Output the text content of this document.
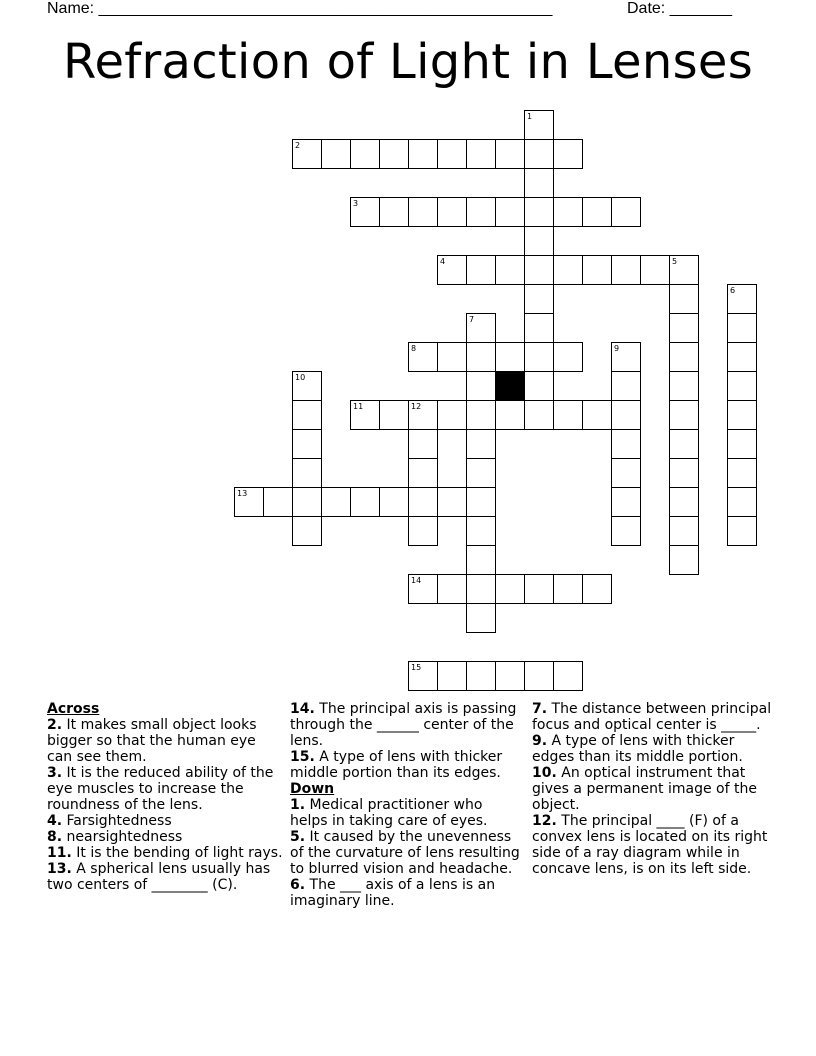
Name: ___________________________________________________	Date: _______
Refraction of Light in Lenses
1
2
3
4	5
6
7
8	9
10
11	12
13
14
15
Across
2. It makes small object looks bigger so that the human eye can see them.
3. It is the reduced ability of the eye muscles to increase the roundness of the lens.
4. Farsightedness
8. nearsightedness
11. It is the bending of light rays.
13. A spherical lens usually has two centers of ________ (C).
14. The principal axis is passing through the ______ center of the lens.
15. A type of lens with thicker middle portion than its edges.
Down
1. Medical practitioner who helps in taking care of eyes.
5. It caused by the unevenness of the curvature of lens resulting to blurred vision and headache.
6. The ___ axis of a lens is an imaginary line.
7. The distance between principal focus and optical center is _____.
9. A type of lens with thicker edges than its middle portion.
10. An optical instrument that gives a permanent image of the object.
12. The principal ____ (F) of a convex lens is located on its right side of a ray diagram while in concave lens, is on its left side.
